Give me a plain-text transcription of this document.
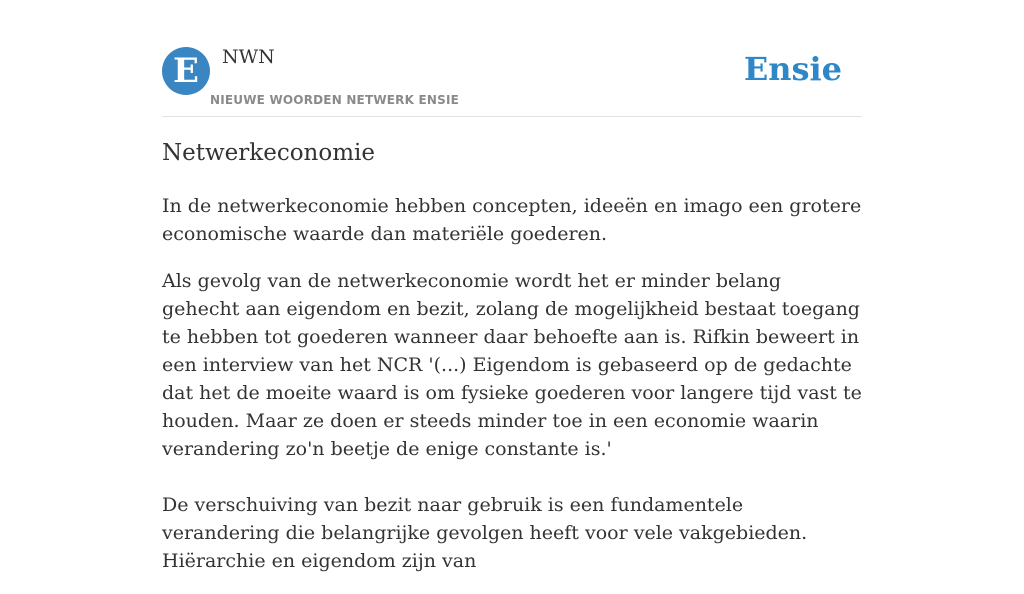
E	NWN
NIEUWE WOORDEN NETWERK ENSIE
Ensie
Netwerkeconomie

In de netwerkeconomie hebben concepten, ideeën en imago een grotere economische waarde dan materiële goederen.

Als gevolg van de netwerkeconomie wordt het er minder belang gehecht aan eigendom en bezit, zolang de mogelijkheid bestaat toegang te hebben tot goederen wanneer daar behoefte aan is. Rifkin beweert in een interview van het NCR '(...) Eigendom is gebaseerd op de gedachte dat het de moeite waard is om fysieke goederen voor langere tijd vast te houden. Maar ze doen er steeds minder toe in een economie waarin verandering zo'n beetje de enige constante is.'

De verschuiving van bezit naar gebruik is een fundamentele verandering die belangrijke gevolgen heeft voor vele vakgebieden. Hiërarchie en eigendom zijn van
